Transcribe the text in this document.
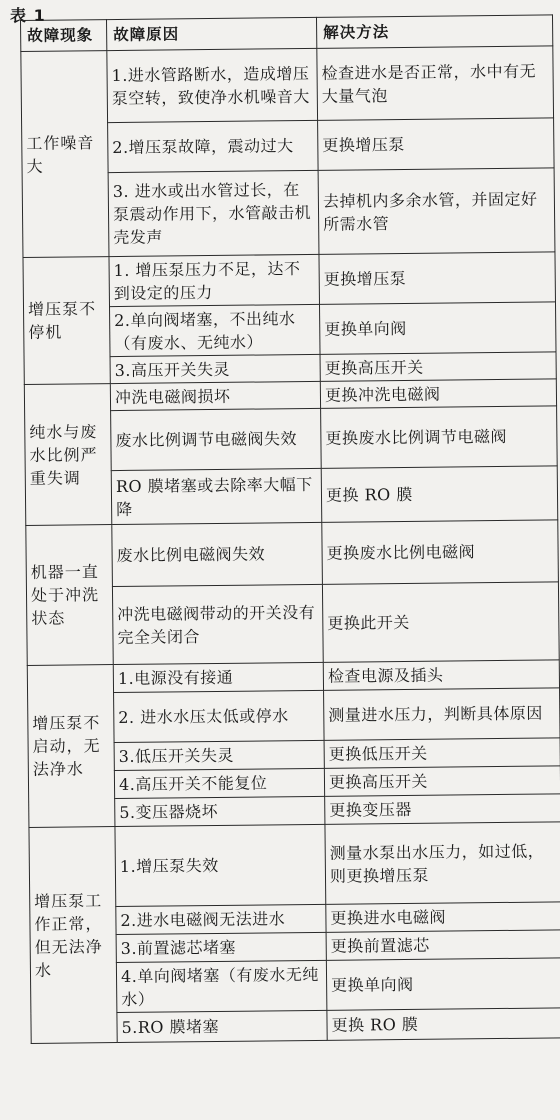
表 1
故障现象	故障原因	解决方法
工作噪音大	1.进水管路断水，造成增压泵空转，致使净水机噪音大	检查进水是否正常，水中有无大量气泡
	2.增压泵故障，震动过大	更换增压泵
	3. 进水或出水管过长，在泵震动作用下，水管敲击机壳发声	去掉机内多余水管，并固定好所需水管
增压泵不停机	1. 增压泵压力不足，达不到设定的压力	更换增压泵
	2.单向阀堵塞，不出纯水（有废水、无纯水）	更换单向阀
	3.高压开关失灵	更换高压开关
纯水与废水比例严重失调	冲洗电磁阀损坏	更换冲洗电磁阀
	废水比例调节电磁阀失效	更换废水比例调节电磁阀
	RO 膜堵塞或去除率大幅下降	更换 RO 膜
机器一直处于冲洗状态	废水比例电磁阀失效	更换废水比例电磁阀
	冲洗电磁阀带动的开关没有完全关闭合	更换此开关
增压泵不启动，无法净水	1.电源没有接通	检查电源及插头
	2. 进水水压太低或停水	测量进水压力，判断具体原因
	3.低压开关失灵	更换低压开关
	4.高压开关不能复位	更换高压开关
	5.变压器烧坏	更换变压器
增压泵工作正常，但无法净水	1.增压泵失效	测量水泵出水压力，如过低，则更换增压泵
	2.进水电磁阀无法进水	更换进水电磁阀
	3.前置滤芯堵塞	更换前置滤芯
	4.单向阀堵塞（有废水无纯水）	更换单向阀
	5.RO 膜堵塞	更换 RO 膜
